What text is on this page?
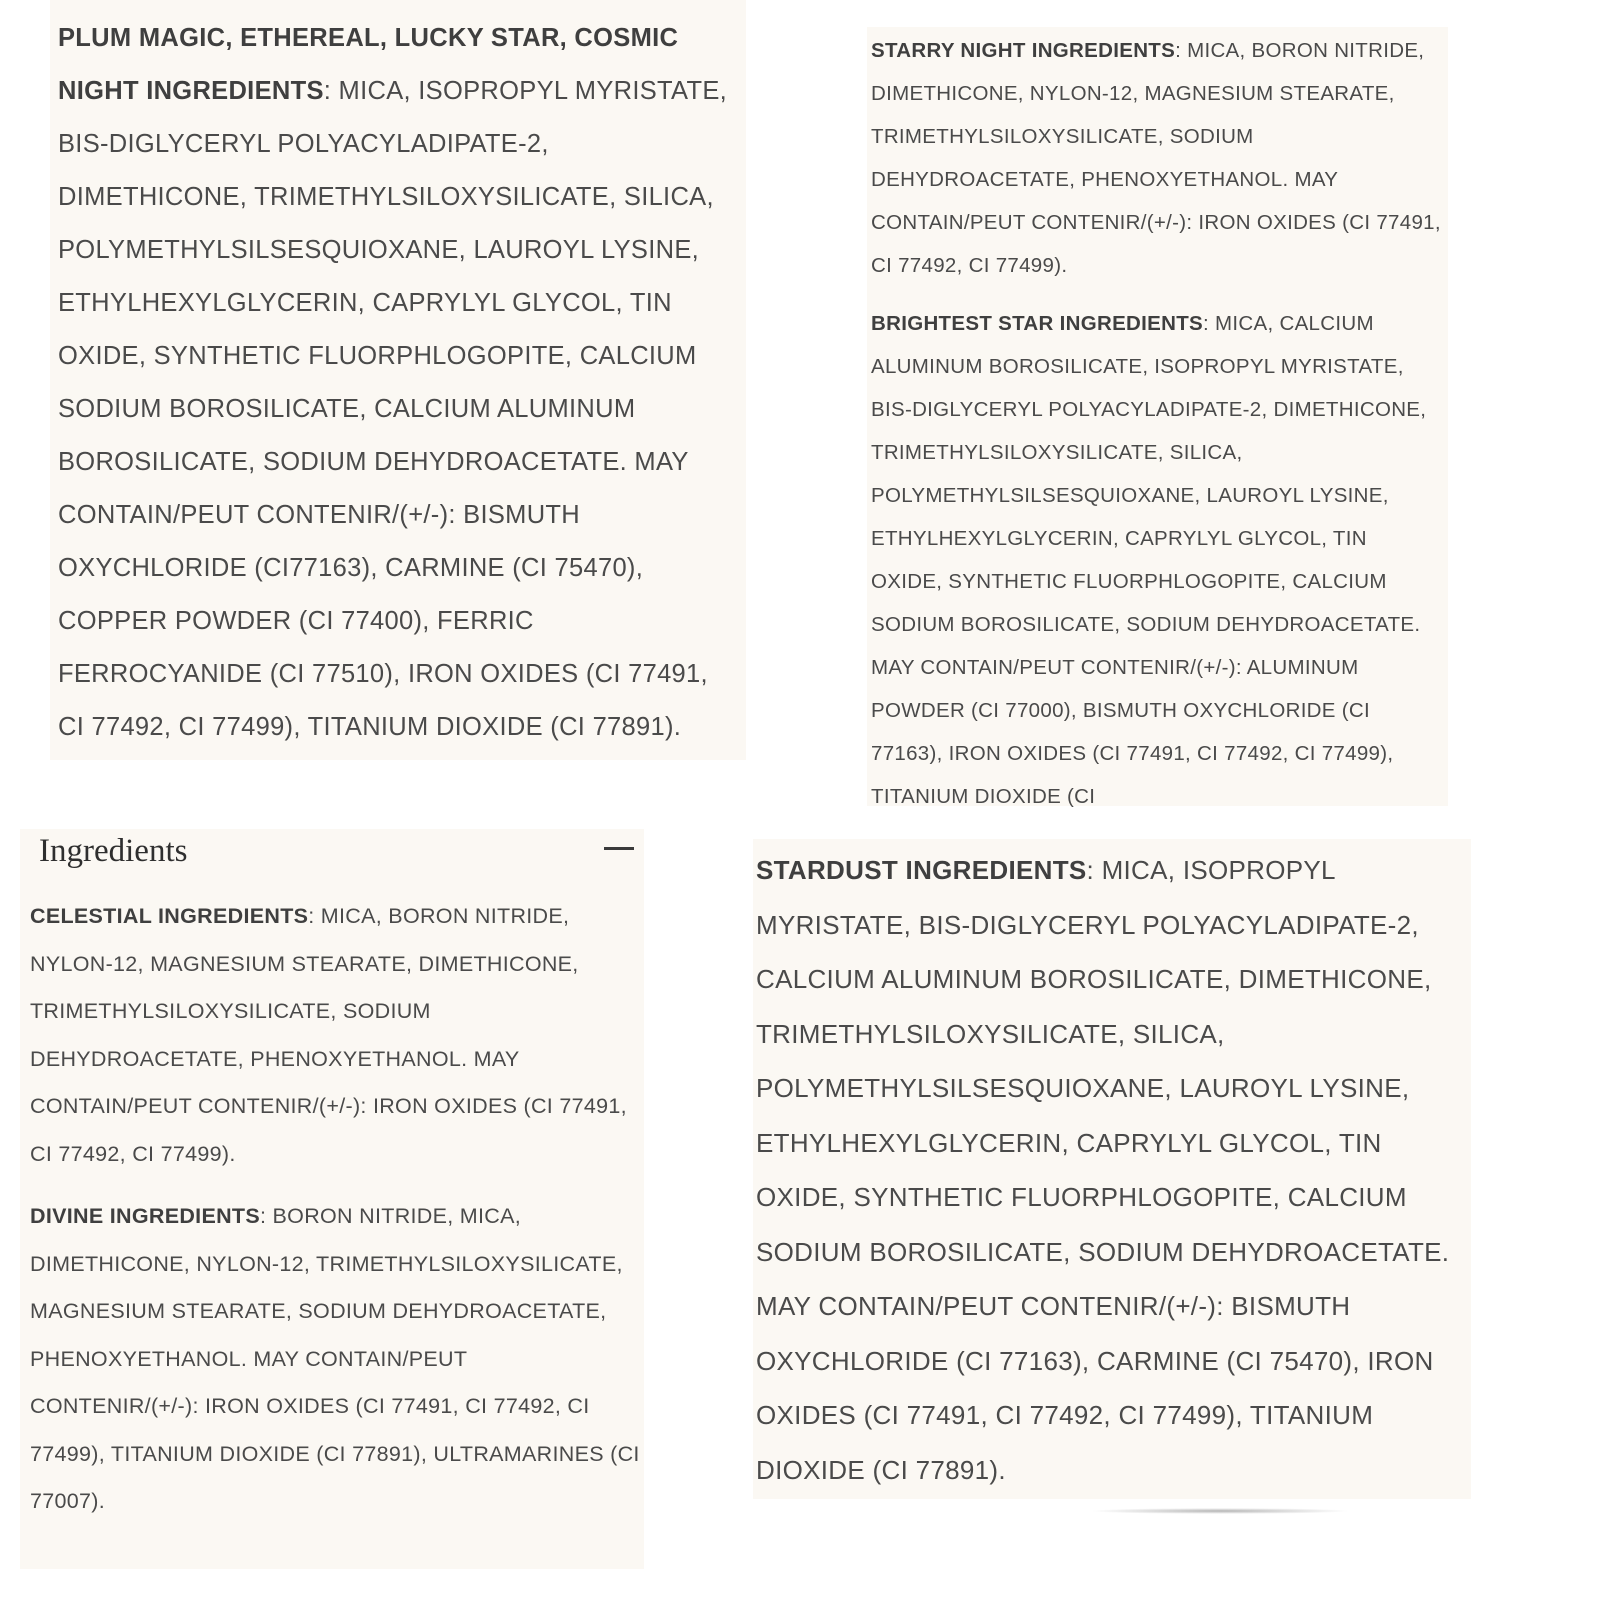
PLUM MAGIC, ETHEREAL, LUCKY STAR, COSMIC NIGHT INGREDIENTS: MICA, ISOPROPYL MYRISTATE, BIS-DIGLYCERYL POLYACYLADIPATE-2, DIMETHICONE, TRIMETHYLSILOXYSILICATE, SILICA, POLYMETHYLSILSESQUIOXANE, LAUROYL LYSINE, ETHYLHEXYLGLYCERIN, CAPRYLYL GLYCOL, TIN OXIDE, SYNTHETIC FLUORPHLOGOPITE, CALCIUM SODIUM BOROSILICATE, CALCIUM ALUMINUM BOROSILICATE, SODIUM DEHYDROACETATE. MAY CONTAIN/PEUT CONTENIR/(+/-): BISMUTH OXYCHLORIDE (CI77163), CARMINE (CI 75470), COPPER POWDER (CI 77400), FERRIC FERROCYANIDE (CI 77510), IRON OXIDES (CI 77491, CI 77492, CI 77499), TITANIUM DIOXIDE (CI 77891).

STARRY NIGHT INGREDIENTS: MICA, BORON NITRIDE, DIMETHICONE, NYLON-12, MAGNESIUM STEARATE, TRIMETHYLSILOXYSILICATE, SODIUM DEHYDROACETATE, PHENOXYETHANOL. MAY CONTAIN/PEUT CONTENIR/(+/-): IRON OXIDES (CI 77491, CI 77492, CI 77499).

BRIGHTEST STAR INGREDIENTS: MICA, CALCIUM ALUMINUM BOROSILICATE, ISOPROPYL MYRISTATE, BIS-DIGLYCERYL POLYACYLADIPATE-2, DIMETHICONE, TRIMETHYLSILOXYSILICATE, SILICA, POLYMETHYLSILSESQUIOXANE, LAUROYL LYSINE, ETHYLHEXYLGLYCERIN, CAPRYLYL GLYCOL, TIN OXIDE, SYNTHETIC FLUORPHLOGOPITE, CALCIUM SODIUM BOROSILICATE, SODIUM DEHYDROACETATE. MAY CONTAIN/PEUT CONTENIR/(+/-): ALUMINUM POWDER (CI 77000), BISMUTH OXYCHLORIDE (CI 77163), IRON OXIDES (CI 77491, CI 77492, CI 77499), TITANIUM DIOXIDE (CI

Ingredients

CELESTIAL INGREDIENTS: MICA, BORON NITRIDE, NYLON-12, MAGNESIUM STEARATE, DIMETHICONE, TRIMETHYLSILOXYSILICATE, SODIUM DEHYDROACETATE, PHENOXYETHANOL. MAY CONTAIN/PEUT CONTENIR/(+/-): IRON OXIDES (CI 77491, CI 77492, CI 77499).

DIVINE INGREDIENTS: BORON NITRIDE, MICA, DIMETHICONE, NYLON-12, TRIMETHYLSILOXYSILICATE, MAGNESIUM STEARATE, SODIUM DEHYDROACETATE, PHENOXYETHANOL. MAY CONTAIN/PEUT CONTENIR/(+/-): IRON OXIDES (CI 77491, CI 77492, CI 77499), TITANIUM DIOXIDE (CI 77891), ULTRAMARINES (CI 77007).

STARDUST INGREDIENTS: MICA, ISOPROPYL MYRISTATE, BIS-DIGLYCERYL POLYACYLADIPATE-2, CALCIUM ALUMINUM BOROSILICATE, DIMETHICONE, TRIMETHYLSILOXYSILICATE, SILICA, POLYMETHYLSILSESQUIOXANE, LAUROYL LYSINE, ETHYLHEXYLGLYCERIN, CAPRYLYL GLYCOL, TIN OXIDE, SYNTHETIC FLUORPHLOGOPITE, CALCIUM SODIUM BOROSILICATE, SODIUM DEHYDROACETATE. MAY CONTAIN/PEUT CONTENIR/(+/-): BISMUTH OXYCHLORIDE (CI 77163), CARMINE (CI 75470), IRON OXIDES (CI 77491, CI 77492, CI 77499), TITANIUM DIOXIDE (CI 77891).
